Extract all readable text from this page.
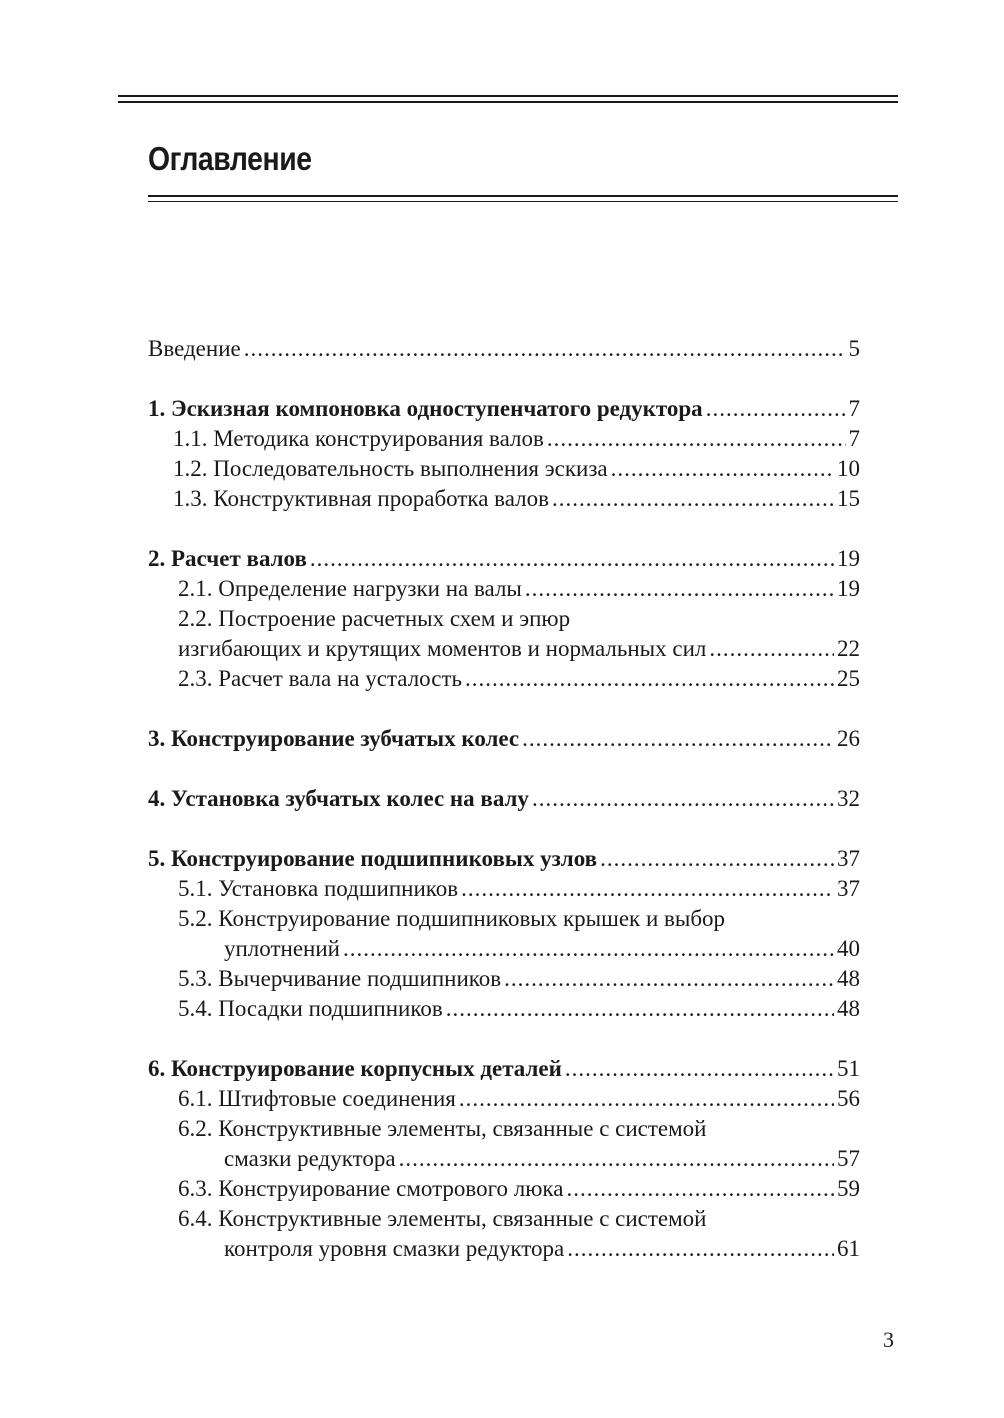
Оглавление
Введение .....	5
1. Эскизная компоновка одноступенчатого редуктора .....	7
1.1. Методика конструирования валов .....	7
1.2. Последовательность выполнения эскиза .....	10
1.3. Конструктивная проработка валов .....	15
2. Расчет валов .....	19
2.1. Определение нагрузки на валы .....	19
2.2. Построение расчетных схем и эпюр
изгибающих и крутящих моментов и нормальных сил .....	22
2.3. Расчет вала на усталость .....	25
3. Конструирование зубчатых колес .....	26
4. Установка зубчатых колес на валу .....	32
5. Конструирование подшипниковых узлов .....	37
5.1. Установка подшипников .....	37
5.2. Конструирование подшипниковых крышек и выбор
уплотнений .....	40
5.3. Вычерчивание подшипников .....	48
5.4. Посадки подшипников .....	48
6. Конструирование корпусных деталей .....	51
6.1. Штифтовые соединения .....	56
6.2. Конструктивные элементы, связанные с системой
смазки редуктора .....	57
6.3. Конструирование смотрового люка .....	59
6.4. Конструктивные элементы, связанные с системой
контроля уровня смазки редуктора .....	61
3
